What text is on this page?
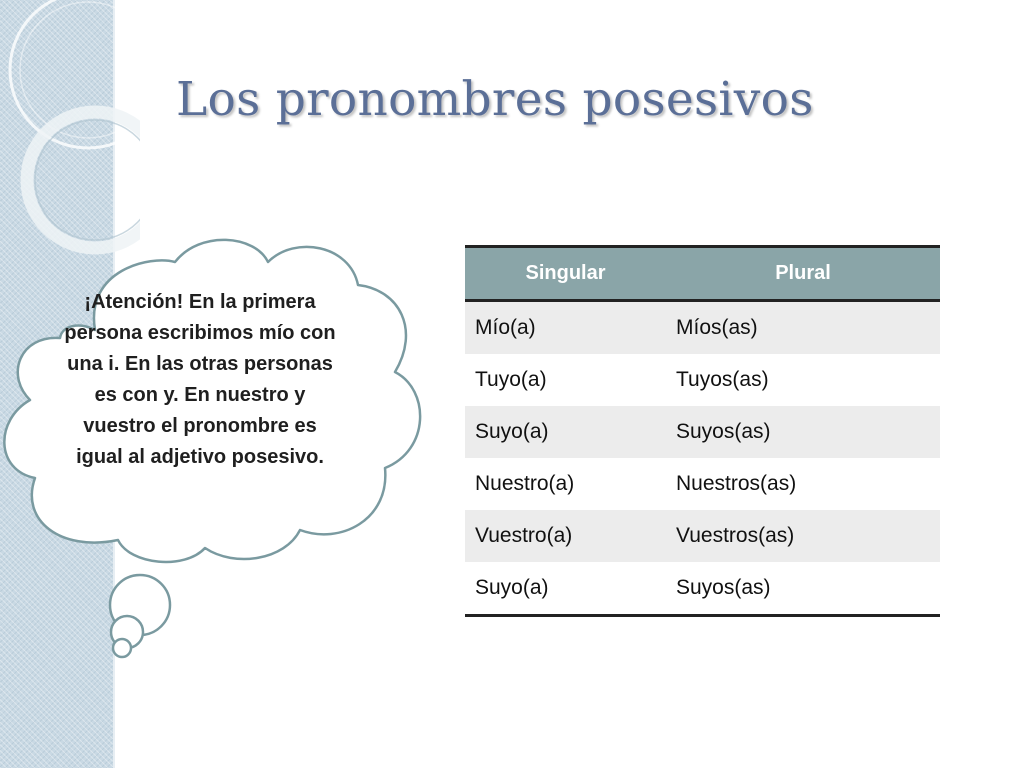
Los pronombres posesivos
¡Atención! En la primera persona escribimos mío con una i. En las otras personas es con y. En nuestro y vuestro el pronombre es igual al adjetivo posesivo.
Singular	Plural
Mío(a)	Míos(as)
Tuyo(a)	Tuyos(as)
Suyo(a)	Suyos(as)
Nuestro(a)	Nuestros(as)
Vuestro(a)	Vuestros(as)
Suyo(a)	Suyos(as)
